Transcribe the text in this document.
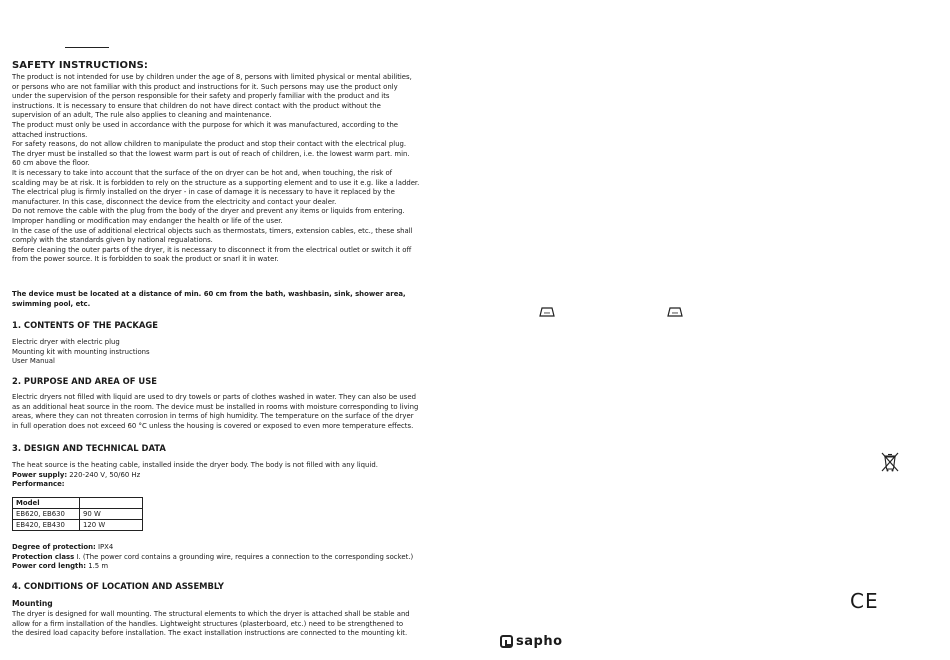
SAFETY INSTRUCTIONS:

The product is not intended for use by children under the age of 8, persons with limited physical or mental abilities,

or persons who are not familiar with this product and instructions for it. Such persons may use the product only

under the supervision of the person responsible for their safety and properly familiar with the product and its

instructions. It is necessary to ensure that children do not have direct contact with the product without the

supervision of an adult, The rule also applies to cleaning and maintenance.

The product must only be used in accordance with the purpose for which it was manufactured, according to the

attached instructions.

For safety reasons, do not allow children to manipulate the product and stop their contact with the electrical plug.

The dryer must be installed so that the lowest warm part is out of reach of children, i.e. the lowest warm part. min.

60 cm above the floor.

It is necessary to take into account that the surface of the on dryer can be hot and, when touching, the risk of

scalding may be at risk. It is forbidden to rely on the structure as a supporting element and to use it e.g. like a ladder.

The electrical plug is firmly installed on the dryer - in case of damage it is necessary to have it replaced by the

manufacturer. In this case, disconnect the device from the electricity and contact your dealer.

Do not remove the cable with the plug from the body of the dryer and prevent any items or liquids from entering.

Improper handling or modification may endanger the health or life of the user.

In the case of the use of additional electrical objects such as thermostats, timers, extension cables, etc., these shall

comply with the standards given by national regualations.

Before cleaning the outer parts of the dryer, it is necessary to disconnect it from the electrical outlet or switch it off

from the power source. It is forbidden to soak the product or snarl it in water.

The device must be located at a distance of min. 60 cm from the bath, washbasin, sink, shower area,

swimming pool, etc.

1. CONTENTS OF THE PACKAGE

Electric dryer with electric plug

Mounting kit with mounting instructions

User Manual

2. PURPOSE AND AREA OF USE

Electric dryers not filled with liquid are used to dry towels or parts of clothes washed in water. They can also be used

as an additional heat source in the room. The device must be installed in rooms with moisture corresponding to living

areas, where they can not threaten corrosion in terms of high humidity. The temperature on the surface of the dryer

in full operation does not exceed 60 °C unless the housing is covered or exposed to even more temperature effects.

3. DESIGN AND TECHNICAL DATA

The heat source is the heating cable, installed inside the dryer body. The body is not filled with any liquid.

Power supply: 220-240 V, 50/60 Hz

Performance:

Model	
EB620, EB630	90 W
EB420, EB430	120 W

Degree of protection: IPX4

Protection class I. (The power cord contains a grounding wire, requires a connection to the corresponding socket.)

Power cord length: 1.5 m

4. CONDITIONS OF LOCATION AND ASSEMBLY
Mounting

The dryer is designed for wall mounting. The structural elements to which the dryer is attached shall be stable and

allow for a firm installation of the handles. Lightweight structures (plasterboard, etc.) need to be strengthened to

the desired load capacity before installation. The exact installation instructions are connected to the mounting kit.

CE
sapho
